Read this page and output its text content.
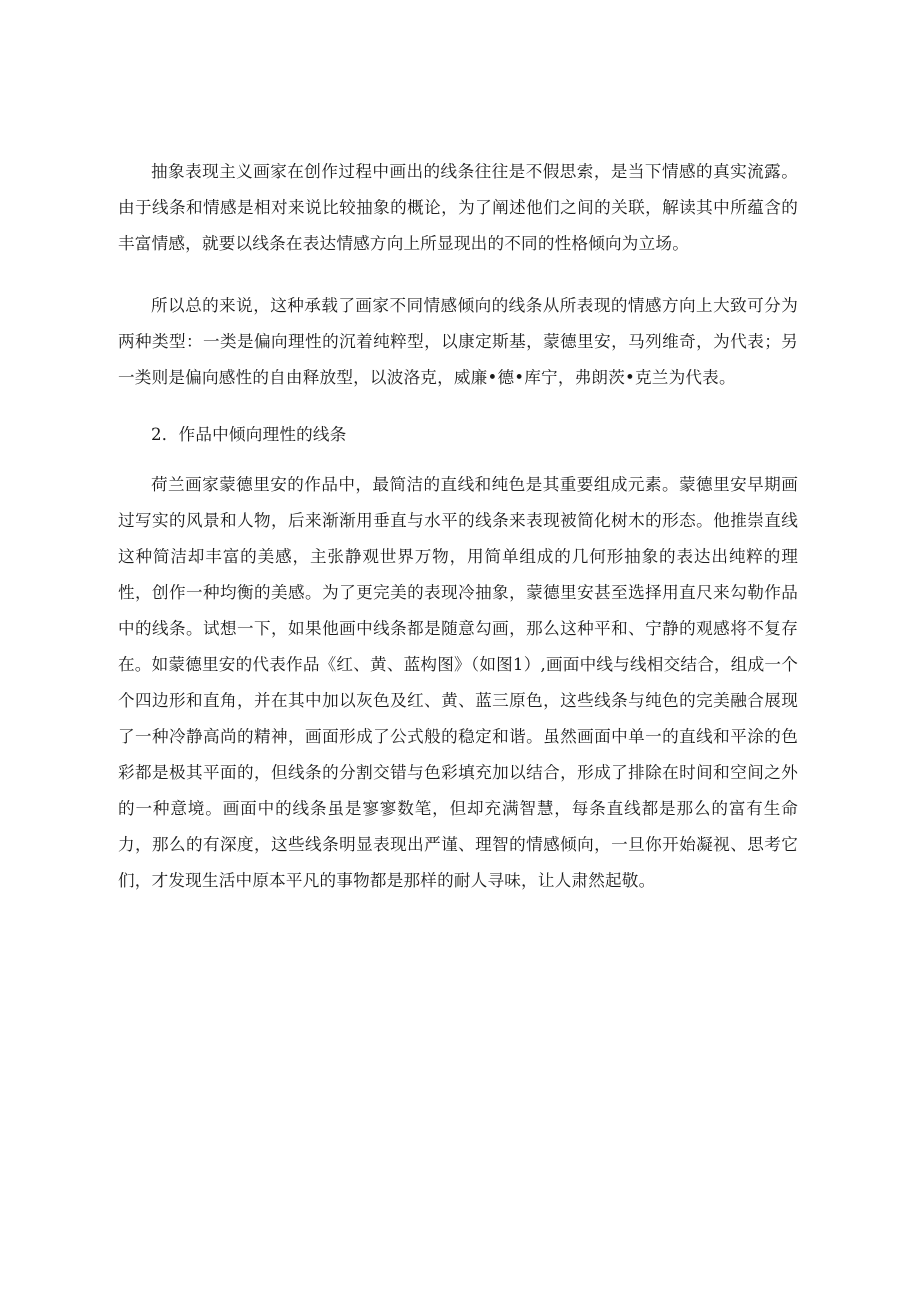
抽象表现主义画家在创作过程中画出的线条往往是不假思索，是当下情感的真实流露。由于线条和情感是相对来说比较抽象的概论，为了阐述他们之间的关联，解读其中所蕴含的丰富情感，就要以线条在表达情感方向上所显现出的不同的性格倾向为立场。

所以总的来说，这种承载了画家不同情感倾向的线条从所表现的情感方向上大致可分为两种类型：一类是偏向理性的沉着纯粹型，以康定斯基，蒙德里安，马列维奇，为代表；另一类则是偏向感性的自由释放型，以波洛克，威廉•德•库宁，弗朗茨•克兰为代表。

2．作品中倾向理性的线条

荷兰画家蒙德里安的作品中，最简洁的直线和纯色是其重要组成元素。蒙德里安早期画过写实的风景和人物，后来渐渐用垂直与水平的线条来表现被简化树木的形态。他推崇直线这种简洁却丰富的美感，主张静观世界万物，用简单组成的几何形抽象的表达出纯粹的理性，创作一种均衡的美感。为了更完美的表现冷抽象，蒙德里安甚至选择用直尺来勾勒作品中的线条。试想一下，如果他画中线条都是随意勾画，那么这种平和、宁静的观感将不复存在。如蒙德里安的代表作品《红、黄、蓝构图》（如图1）,画面中线与线相交结合，组成一个个四边形和直角，并在其中加以灰色及红、黄、蓝三原色，这些线条与纯色的完美融合展现了一种冷静高尚的精神，画面形成了公式般的稳定和谐。虽然画面中单一的直线和平涂的色彩都是极其平面的，但线条的分割交错与色彩填充加以结合，形成了排除在时间和空间之外的一种意境。画面中的线条虽是寥寥数笔，但却充满智慧，每条直线都是那么的富有生命力，那么的有深度，这些线条明显表现出严谨、理智的情感倾向，一旦你开始凝视、思考它们，才发现生活中原本平凡的事物都是那样的耐人寻味，让人肃然起敬。
